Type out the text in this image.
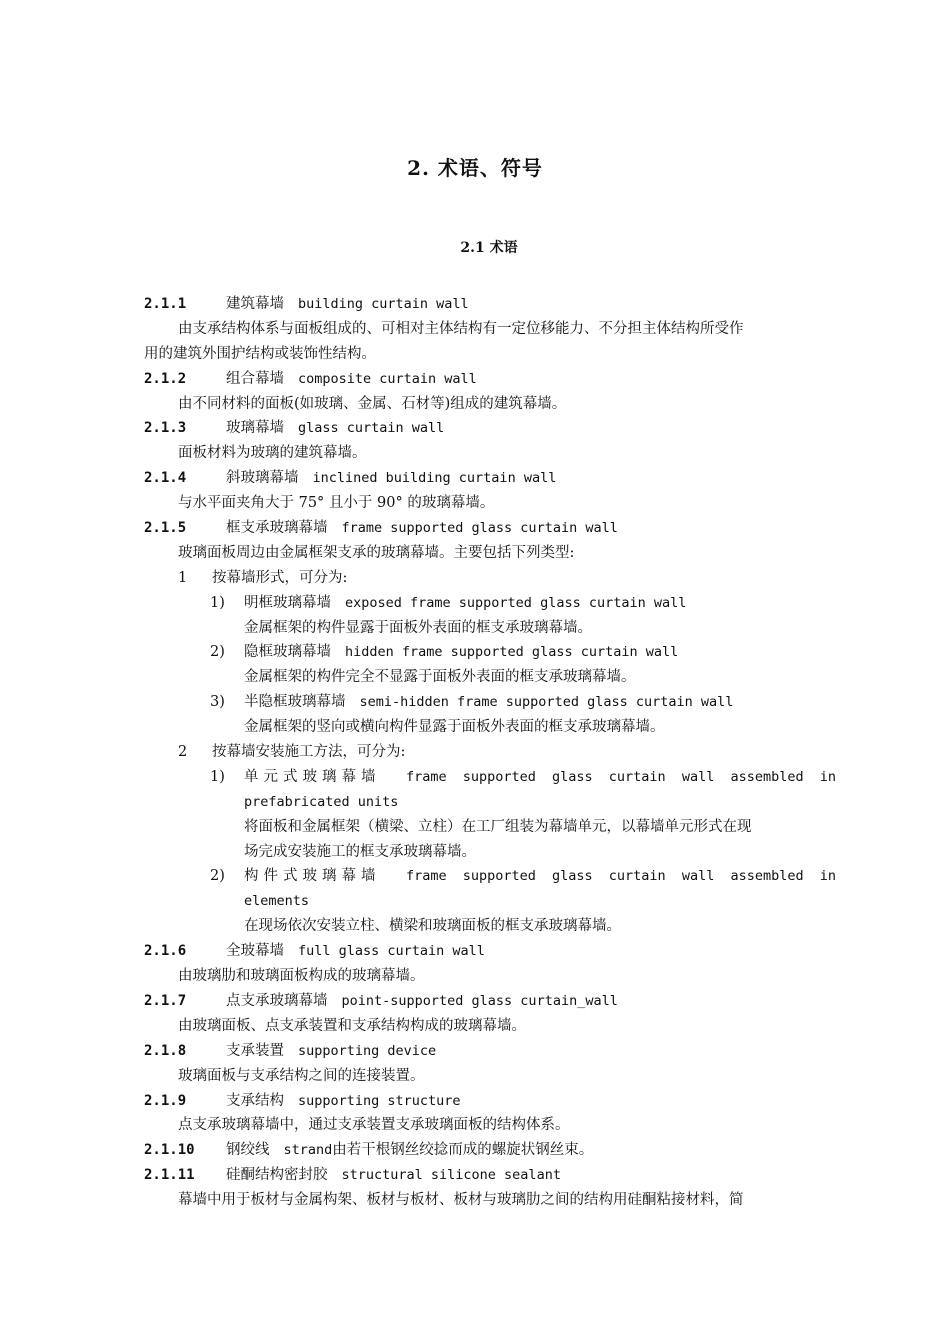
2. 术语、符号
2.1 术语
2.1.1	建筑幕墙 building curtain wall
由支承结构体系与面板组成的、可相对主体结构有一定位移能力、不分担主体结构所受作
用的建筑外围护结构或装饰性结构。
2.1.2	组合幕墙 composite curtain wall
由不同材料的面板(如玻璃、金属、石材等)组成的建筑幕墙。
2.1.3	玻璃幕墙 glass curtain wall
面板材料为玻璃的建筑幕墙。
2.1.4	斜玻璃幕墙 inclined building curtain wall
与水平面夹角大于 75° 且小于 90° 的玻璃幕墙。
2.1.5	框支承玻璃幕墙 frame supported glass curtain wall
玻璃面板周边由金属框架支承的玻璃幕墙。主要包括下列类型:
1 按幕墙形式，可分为:
1) 明框玻璃幕墙 exposed frame supported glass curtain wall
金属框架的构件显露于面板外表面的框支承玻璃幕墙。
2) 隐框玻璃幕墙 hidden frame supported glass curtain wall
金属框架的构件完全不显露于面板外表面的框支承玻璃幕墙。
3) 半隐框玻璃幕墙 semi-hidden frame supported glass curtain wall
金属框架的竖向或横向构件显露于面板外表面的框支承玻璃幕墙。
2 按幕墙安装施工方法，可分为:
1)	单元式玻璃幕墙 frame supported glass curtain wall assembled in
prefabricated units
将面板和金属框架（横梁、立柱）在工厂组装为幕墙单元，以幕墙单元形式在现
场完成安装施工的框支承玻璃幕墙。
2)	构件式玻璃幕墙 frame supported glass curtain wall assembled in
elements
在现场依次安装立柱、横梁和玻璃面板的框支承玻璃幕墙。
2.1.6	全玻幕墙 full glass curtain wall
由玻璃肋和玻璃面板构成的玻璃幕墙。
2.1.7	点支承玻璃幕墙 point-supported glass curtain_wall
由玻璃面板、点支承装置和支承结构构成的玻璃幕墙。
2.1.8	支承装置 supporting device
玻璃面板与支承结构之间的连接装置。
2.1.9	支承结构 supporting structure
点支承玻璃幕墙中，通过支承装置支承玻璃面板的结构体系。
2.1.10 钢绞线 strand由若干根钢丝绞捻而成的螺旋状钢丝束。
2.1.11 硅酮结构密封胶 structural silicone sealant
幕墙中用于板材与金属构架、板材与板材、板材与玻璃肋之间的结构用硅酮粘接材料，简
